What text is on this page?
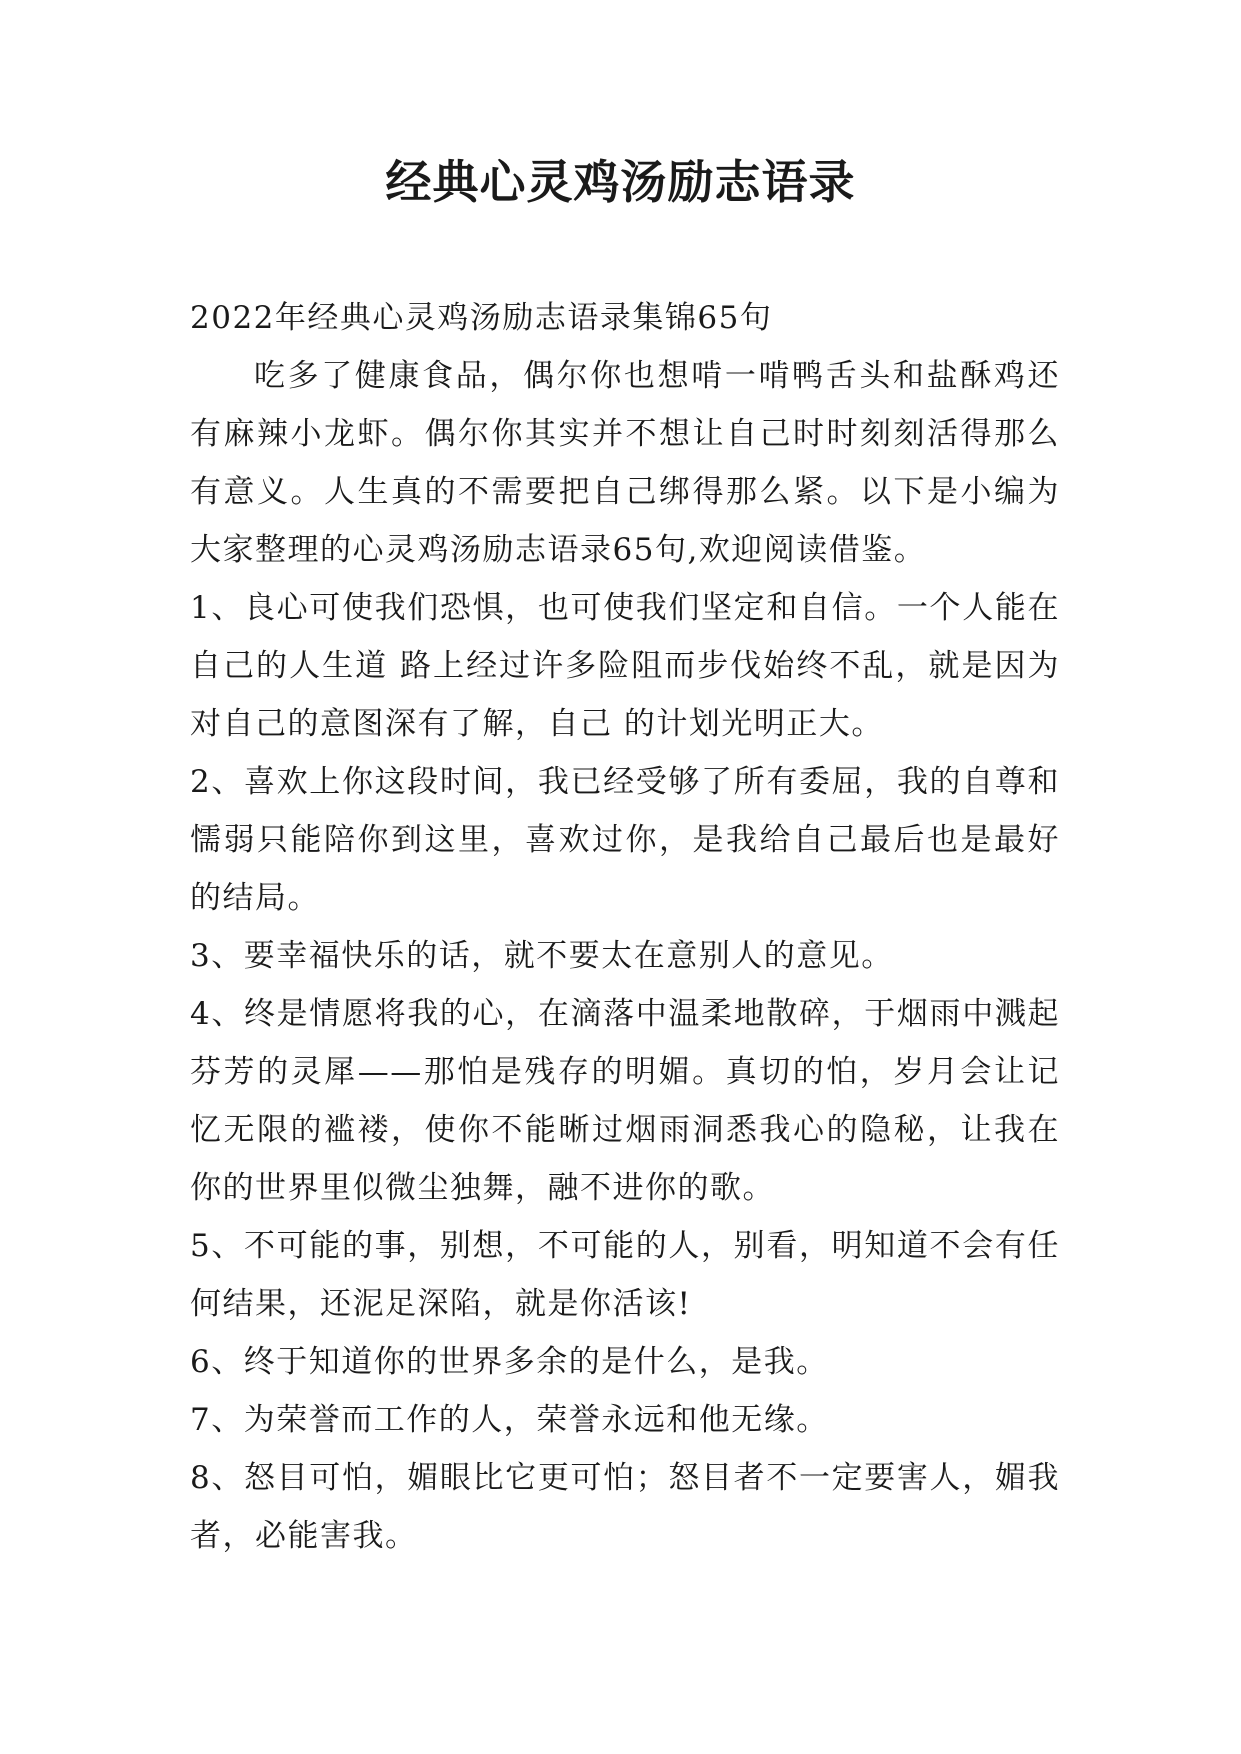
经典心灵鸡汤励志语录

2022年经典心灵鸡汤励志语录集锦65句

吃多了健康食品，偶尔你也想啃一啃鸭舌头和盐酥鸡还有麻辣小龙虾。偶尔你其实并不想让自己时时刻刻活得那么有意义。人生真的不需要把自己绑得那么紧。以下是小编为大家整理的心灵鸡汤励志语录65句,欢迎阅读借鉴。

1、良心可使我们恐惧，也可使我们坚定和自信。一个人能在自己的人生道 路上经过许多险阻而步伐始终不乱，就是因为对自己的意图深有了解，自己 的计划光明正大。

2、喜欢上你这段时间，我已经受够了所有委屈，我的自尊和懦弱只能陪你到这里，喜欢过你，是我给自己最后也是最好的结局。

3、要幸福快乐的话，就不要太在意别人的意见。

4、终是情愿将我的心，在滴落中温柔地散碎，于烟雨中溅起芬芳的灵犀——那怕是残存的明媚。真切的怕，岁月会让记忆无限的褴褛，使你不能晰过烟雨洞悉我心的隐秘，让我在你的世界里似微尘独舞，融不进你的歌。

5、不可能的事，别想，不可能的人，别看，明知道不会有任何结果，还泥足深陷，就是你活该!

6、终于知道你的世界多余的是什么，是我。

7、为荣誉而工作的人，荣誉永远和他无缘。

8、怒目可怕，媚眼比它更可怕；怒目者不一定要害人，媚我者，必能害我。
